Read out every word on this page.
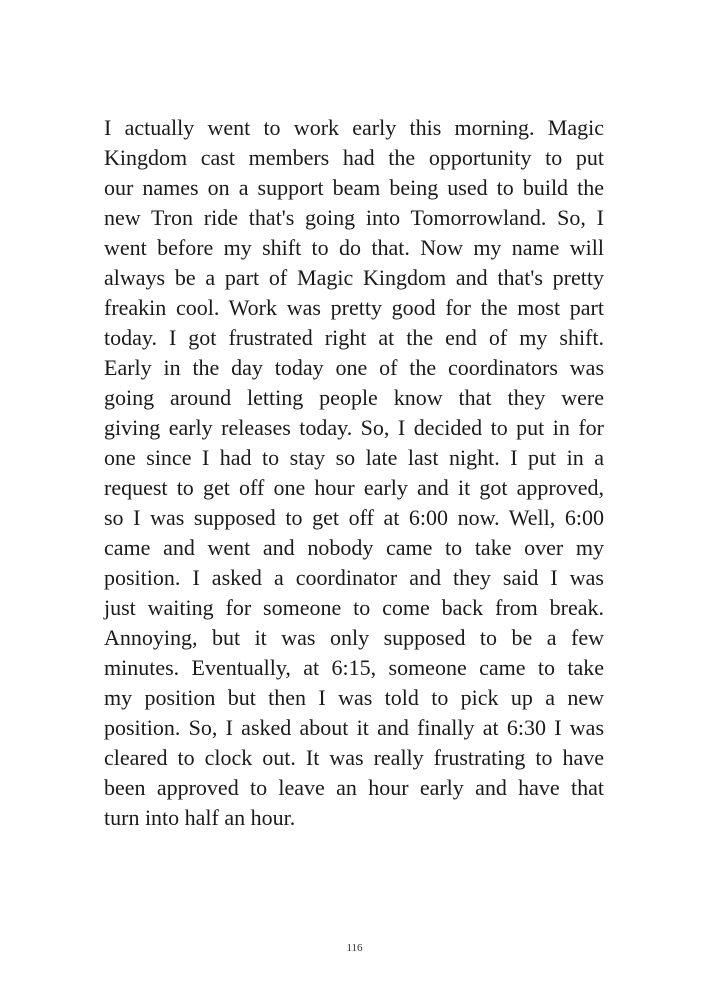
I actually went to work early this morning. Magic
Kingdom cast members had the opportunity to put
our names on a support beam being used to build the
new Tron ride that's going into Tomorrowland. So, I
went before my shift to do that. Now my name will
always be a part of Magic Kingdom and that's pretty
freakin cool. Work was pretty good for the most part
today. I got frustrated right at the end of my shift.
Early in the day today one of the coordinators was
going around letting people know that they were
giving early releases today. So, I decided to put in for
one since I had to stay so late last night. I put in a
request to get off one hour early and it got approved,
so I was supposed to get off at 6:00 now. Well, 6:00
came and went and nobody came to take over my
position. I asked a coordinator and they said I was
just waiting for someone to come back from break.
Annoying, but it was only supposed to be a few
minutes. Eventually, at 6:15, someone came to take
my position but then I was told to pick up a new
position. So, I asked about it and finally at 6:30 I was
cleared to clock out. It was really frustrating to have
been approved to leave an hour early and have that
turn into half an hour.
116
